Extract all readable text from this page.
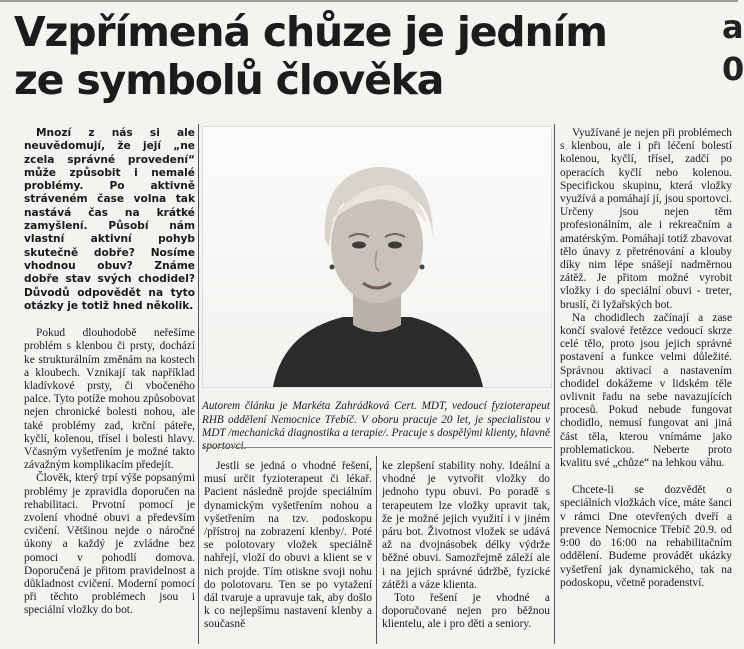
Vzpřímená chůze je jedním
ze symbolů člověka
a
0

Mnozí z nás si ale neuvědomují, že její „ne zcela správné provedení“ může způsobit i nemalé problémy. Po aktivně stráveném čase volna tak nastává čas na krátké zamyšlení. Působí nám vlastní aktivní pohyb skutečně dobře? Nosíme vhodnou obuv? Známe dobře stav svých chodidel? Důvodů odpovědět na tyto otázky je totiž hned několik.

Pokud dlouhodobě neřešíme problém s klenbou či prsty, dochází ke strukturálním změnám na kostech a kloubech. Vznikají tak například kladívkové prsty, či vbočeného palce. Tyto potíže mohou způsobovat nejen chronické bolesti nohou, ale také problémy zad, krční páteře, kyčlí, kolenou, třísel i bolesti hlavy. Včasným vyšetřením je možné takto závažným komplikacím předejít.

Člověk, který trpí výše popsanými problémy je zpravidla doporučen na rehabilitaci. Prvotní pomocí je zvolení vhodné obuvi a především cvičení. Většinou nejde o náročné úkony a každý je zvládne bez pomoci v pohodlí domova. Doporučená je přitom pravidelnost a důkladnost cvičení. Moderní pomocí při těchto problémech jsou i speciální vložky do bot.

Autorem článku je Markéta Zahrádková Cert. MDT, vedoucí fyzioterapeut RHB oddělení Nemocnice Třebíč. V oboru pracuje 20 let, je specialistou v MDT /mechanická diagnostika a terapie/. Pracuje s dospělými klienty, hlavně

Jestli se jedná o vhodné řešení, musí určit fyzioterapeut či lékař. Pacient následně projde speciálním dynamickým vyšetřením nohou a vyšetřením na tzv. podoskopu /přístroj na zobrazení klenby/. Poté se polotovary vložek speciálně nahřejí, vloží do obuvi a klient se v nich projde. Tím otiskne svoji nohu do polotovaru. Ten se po vytažení dál tvaruje a upravuje tak, aby došlo k co nejlepšímu nastavení klenby a současně

ke zlepšení stability nohy. Ideální a vhodné je vytvořit vložky do jednoho typu obuvi. Po poradě s terapeutem lze vložky upravit tak, že je možné jejich využití i v jiném páru bot. Životnost vložek se udává až na dvojnásobek délky výdrže běžné obuvi. Samozřejmě záleží ale i na jejich správné údržbě, fyzické zátěži a váze klienta.

Toto řešení je vhodné a doporučované nejen pro běžnou klientelu, ale i pro děti a seniory.

Využívané je nejen při problémech s klenbou, ale i při léčení bolestí kolenou, kyčlí, třísel, zadčí po operacích kyčlí nebo kolenou. Specifickou skupinu, která vložky využívá a pomáhají jí, jsou sportovci. Určeny jsou nejen těm profesionálním, ale i rekreačním a amatérským. Pomáhají totiž zbavovat tělo únavy z přetrénování a klouby díky nim lépe snášejí nadměrnou zátěž. Je přitom možné vyrobit vložky i do speciální obuvi - treter, bruslí, či lyžařských bot.

Na chodidlech začínají a zase končí svalové řetězce vedoucí skrze celé tělo, proto jsou jejich správné postavení a funkce velmi důležité. Správnou aktivací a nastavením chodidel dokážeme v lidském těle ovlivnit řadu na sebe navazujících procesů. Pokud nebude fungovat chodidlo, nemusí fungovat ani jiná část těla, kterou vnímáme jako problematickou. Neberte proto kvalitu své „chůze“ na lehkou váhu.

Chcete-li se dozvědět o speciálních vložkách více, máte šanci v rámci Dne otevřených dveří a prevence Nemocnice Třebíč 20.9. od 9:00 do 16:00 na rehabilitačním oddělení. Budeme provádět ukázky vyšetření jak dynamického, tak na podoskopu, včetně poradenství.
